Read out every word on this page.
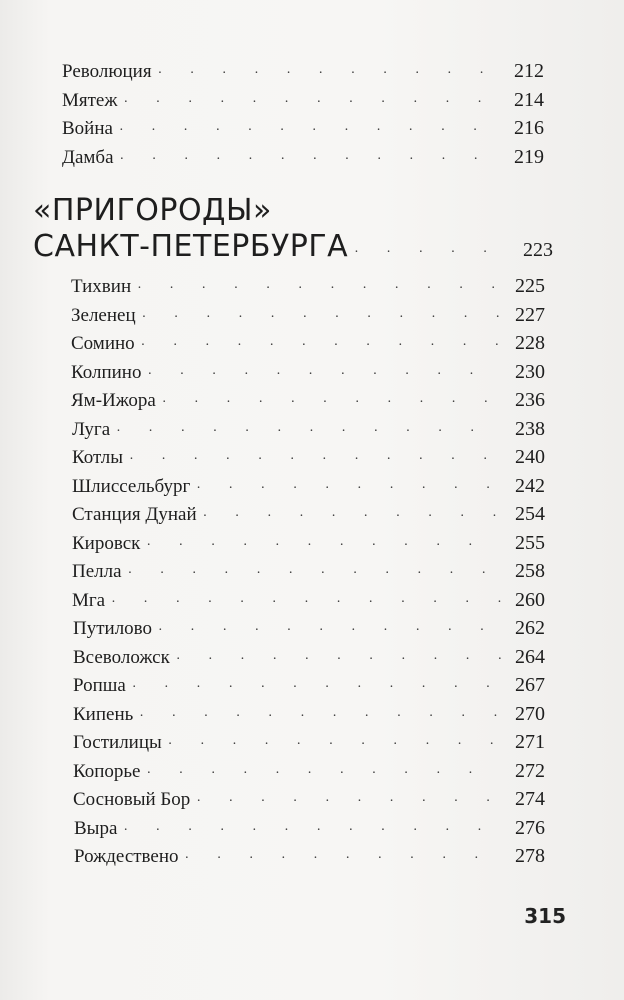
Революция · · ·	212
Мятеж · · ·	214
Война · · ·	216
Дамба · · ·	219
«ПРИГОРОДЫ»
САНКТ-ПЕТЕРБУРГА · · ·	223
Тихвин · · ·	225
Зеленец · · ·	227
Сомино · · ·	228
Колпино · · ·	230
Ям-Ижора · · ·	236
Луга · · ·	238
Котлы · · ·	240
Шлиссельбург · · ·	242
Станция Дунай · · ·	254
Кировск · · ·	255
Пелла · · ·	258
Мга · · ·	260
Путилово · · ·	262
Всеволожск · · ·	264
Ропша · · ·	267
Кипень · · ·	270
Гостилицы · · ·	271
Копорье · · ·	272
Сосновый Бор · · ·	274
Выра · · ·	276
Рождествено · · ·	278
315
